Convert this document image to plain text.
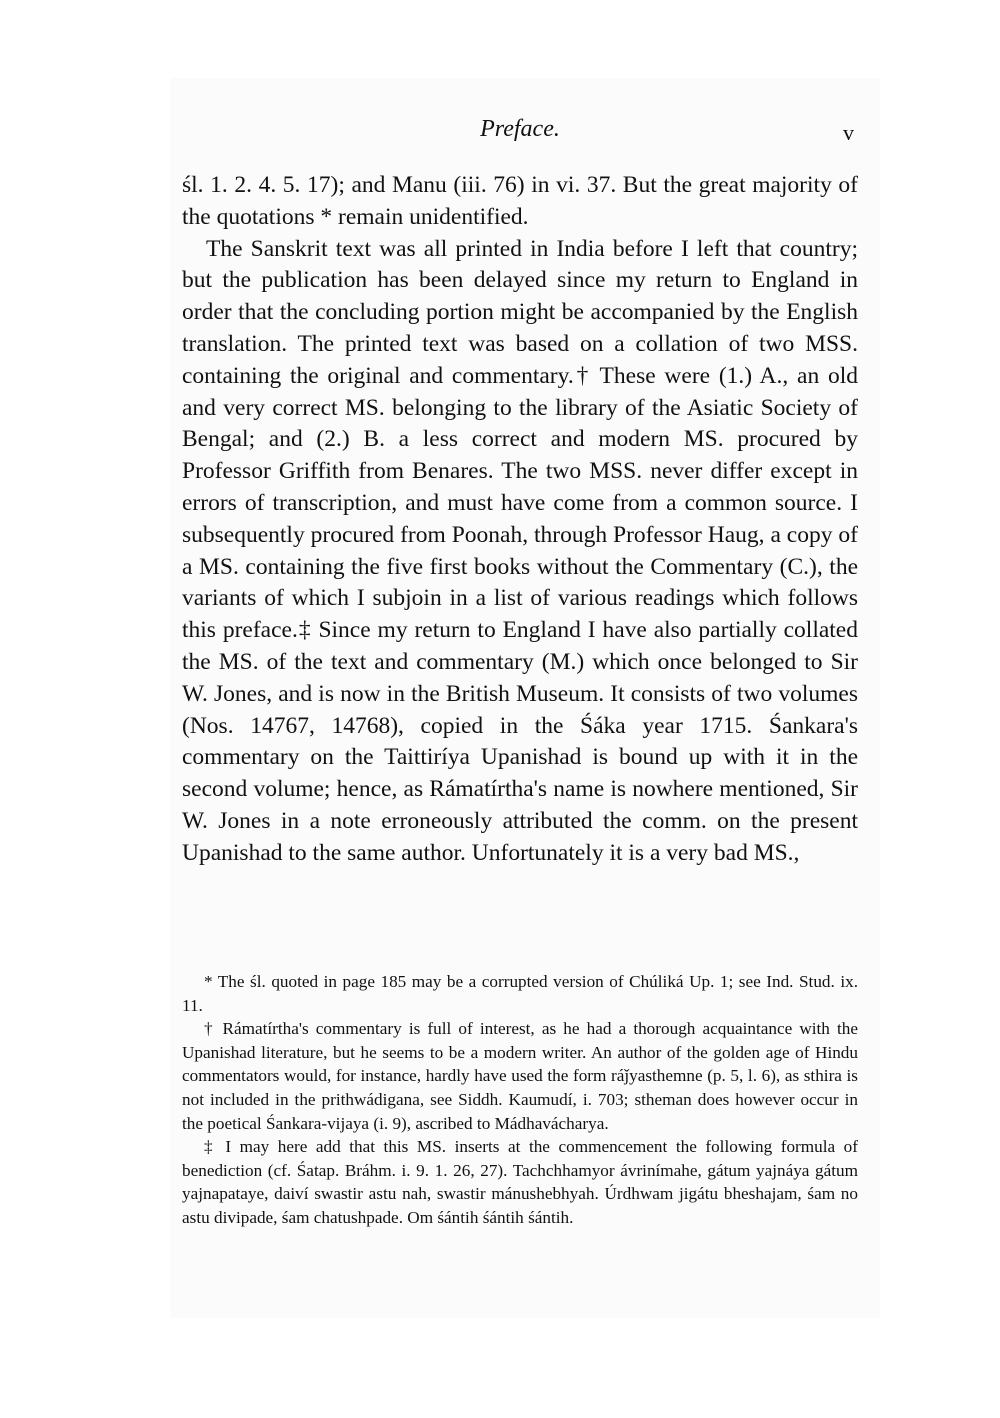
Preface.	v

śl. 1. 2. 4. 5. 17); and Manu (iii. 76) in vi. 37. But the great majority of the quotations * remain unidentified.

The Sanskrit text was all printed in India before I left that country; but the publication has been delayed since my return to England in order that the concluding portion might be accompanied by the English translation. The printed text was based on a collation of two MSS. containing the original and commentary.† These were (1.) A., an old and very correct MS. belonging to the library of the Asiatic Society of Bengal; and (2.) B. a less correct and modern MS. procured by Professor Griffith from Benares. The two MSS. never differ except in errors of transcription, and must have come from a common source. I subsequently procured from Poonah, through Professor Haug, a copy of a MS. containing the five first books without the Commentary (C.), the variants of which I subjoin in a list of various readings which follows this preface.‡ Since my return to England I have also partially collated the MS. of the text and commentary (M.) which once belonged to Sir W. Jones, and is now in the British Museum. It consists of two volumes (Nos. 14767, 14768), copied in the Śáka year 1715. Śankara's commentary on the Taittiríya Upanishad is bound up with it in the second volume; hence, as Rámatírtha's name is nowhere mentioned, Sir W. Jones in a note erroneously attributed the comm. on the present Upanishad to the same author. Unfortunately it is a very bad MS.,

* The śl. quoted in page 185 may be a corrupted version of Chúliká Up. 1; see Ind. Stud. ix. 11.

† Rámatírtha's commentary is full of interest, as he had a thorough acquaintance with the Upanishad literature, but he seems to be a modern writer. An author of the golden age of Hindu commentators would, for instance, hardly have used the form ráǰyasthemne (p. 5, l. 6), as sthira is not included in the prithwádigana, see Siddh. Kaumudí, i. 703; stheman does however occur in the poetical Śankara-vijaya (i. 9), ascribed to Mádhavácharya.

‡ I may here add that this MS. inserts at the commencement the following formula of benediction (cf. Śatap. Bráhm. i. 9. 1. 26, 27). Tachchhamyor ávrinímahe, gátum yajnáya gátum yajnapataye, daiví swastir astu nah, swastir mánushebhyah. Úrdhwam jigátu bheshajam, śam no astu divipade, śam chatushpade. Om śántih śántih śántih.
